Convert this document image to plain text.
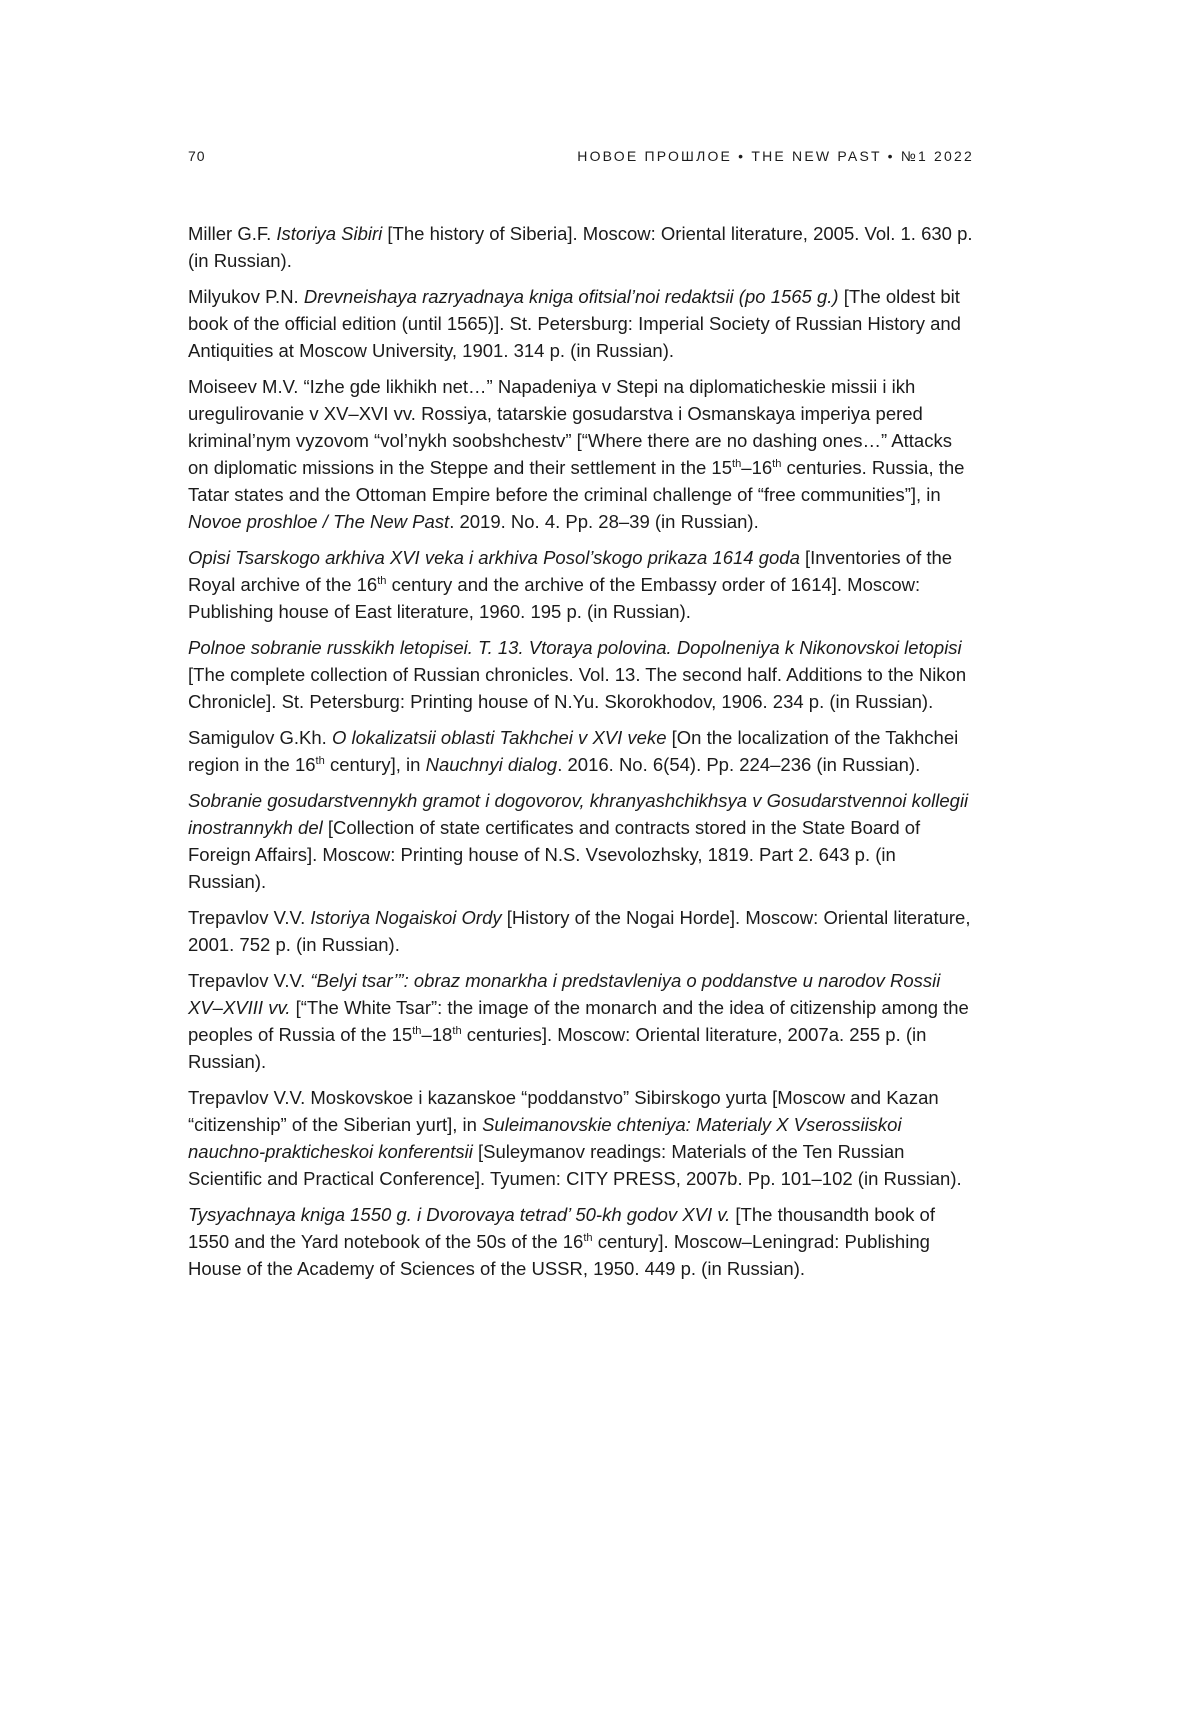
70	НОВОЕ ПРОШЛОЕ • THE NEW PAST • №1 2022

Miller G.F. Istoriya Sibiri [The history of Siberia]. Moscow: Oriental literature, 2005. Vol. 1. 630 p. (in Russian).

Milyukov P.N. Drevneishaya razryadnaya kniga ofitsial’noi redaktsii (po 1565 g.) [The oldest bit book of the official edition (until 1565)]. St. Petersburg: Imperial Society of Russian History and Antiquities at Moscow University, 1901. 314 p. (in Russian).

Moiseev M.V. “Izhe gde likhikh net…” Napadeniya v Stepi na diplomaticheskie missii i ikh uregulirovanie v XV–XVI vv. Rossiya, tatarskie gosudarstva i Osmanskaya imperiya pered kriminal’nym vyzovom “vol’nykh soobshchestv” [“Where there are no dashing ones…” Attacks on diplomatic missions in the Steppe and their settlement in the 15th–16th centuries. Russia, the Tatar states and the Ottoman Empire before the criminal challenge of “free communities”], in Novoe proshloe / The New Past. 2019. No. 4. Pp. 28–39 (in Russian).

Opisi Tsarskogo arkhiva XVI veka i arkhiva Posol’skogo prikaza 1614 goda [Inventories of the Royal archive of the 16th century and the archive of the Embassy order of 1614]. Moscow: Publishing house of East literature, 1960. 195 p. (in Russian).

Polnoe sobranie russkikh letopisei. T. 13. Vtoraya polovina. Dopolneniya k Nikonovskoi letopisi [The complete collection of Russian chronicles. Vol. 13. The second half. Additions to the Nikon Chronicle]. St. Petersburg: Printing house of N.Yu. Skorokhodov, 1906. 234 p. (in Russian).

Samigulov G.Kh. O lokalizatsii oblasti Takhchei v XVI veke [On the localization of the Takhchei region in the 16th century], in Nauchnyi dialog. 2016. No. 6(54). Pp. 224–236 (in Russian).

Sobranie gosudarstvennykh gramot i dogovorov, khranyashchikhsya v Gosudarstvennoi kollegii inostrannykh del [Collection of state certificates and contracts stored in the State Board of Foreign Affairs]. Moscow: Printing house of N.S. Vsevolozhsky, 1819. Part 2. 643 p. (in Russian).

Trepavlov V.V. Istoriya Nogaiskoi Ordy [History of the Nogai Horde]. Moscow: Oriental literature, 2001. 752 p. (in Russian).

Trepavlov V.V. “Belyi tsar’”: obraz monarkha i predstavleniya o poddanstve u narodov Rossii XV–XVIII vv. [“The White Tsar”: the image of the monarch and the idea of citizenship among the peoples of Russia of the 15th–18th centuries]. Moscow: Oriental literature, 2007a. 255 p. (in Russian).

Trepavlov V.V. Moskovskoe i kazanskoe “poddanstvo” Sibirskogo yurta [Moscow and Kazan “citizenship” of the Siberian yurt], in Suleimanovskie chteniya: Materialy X Vserossiiskoi nauchno-prakticheskoi konferentsii [Suleymanov readings: Materials of the Ten Russian Scientific and Practical Conference]. Tyumen: CITY PRESS, 2007b. Pp. 101–102 (in Russian).

Tysyachnaya kniga 1550 g. i Dvorovaya tetrad’ 50-kh godov XVI v. [The thousandth book of 1550 and the Yard notebook of the 50s of the 16th century]. Moscow–Leningrad: Publishing House of the Academy of Sciences of the USSR, 1950. 449 p. (in Russian).
